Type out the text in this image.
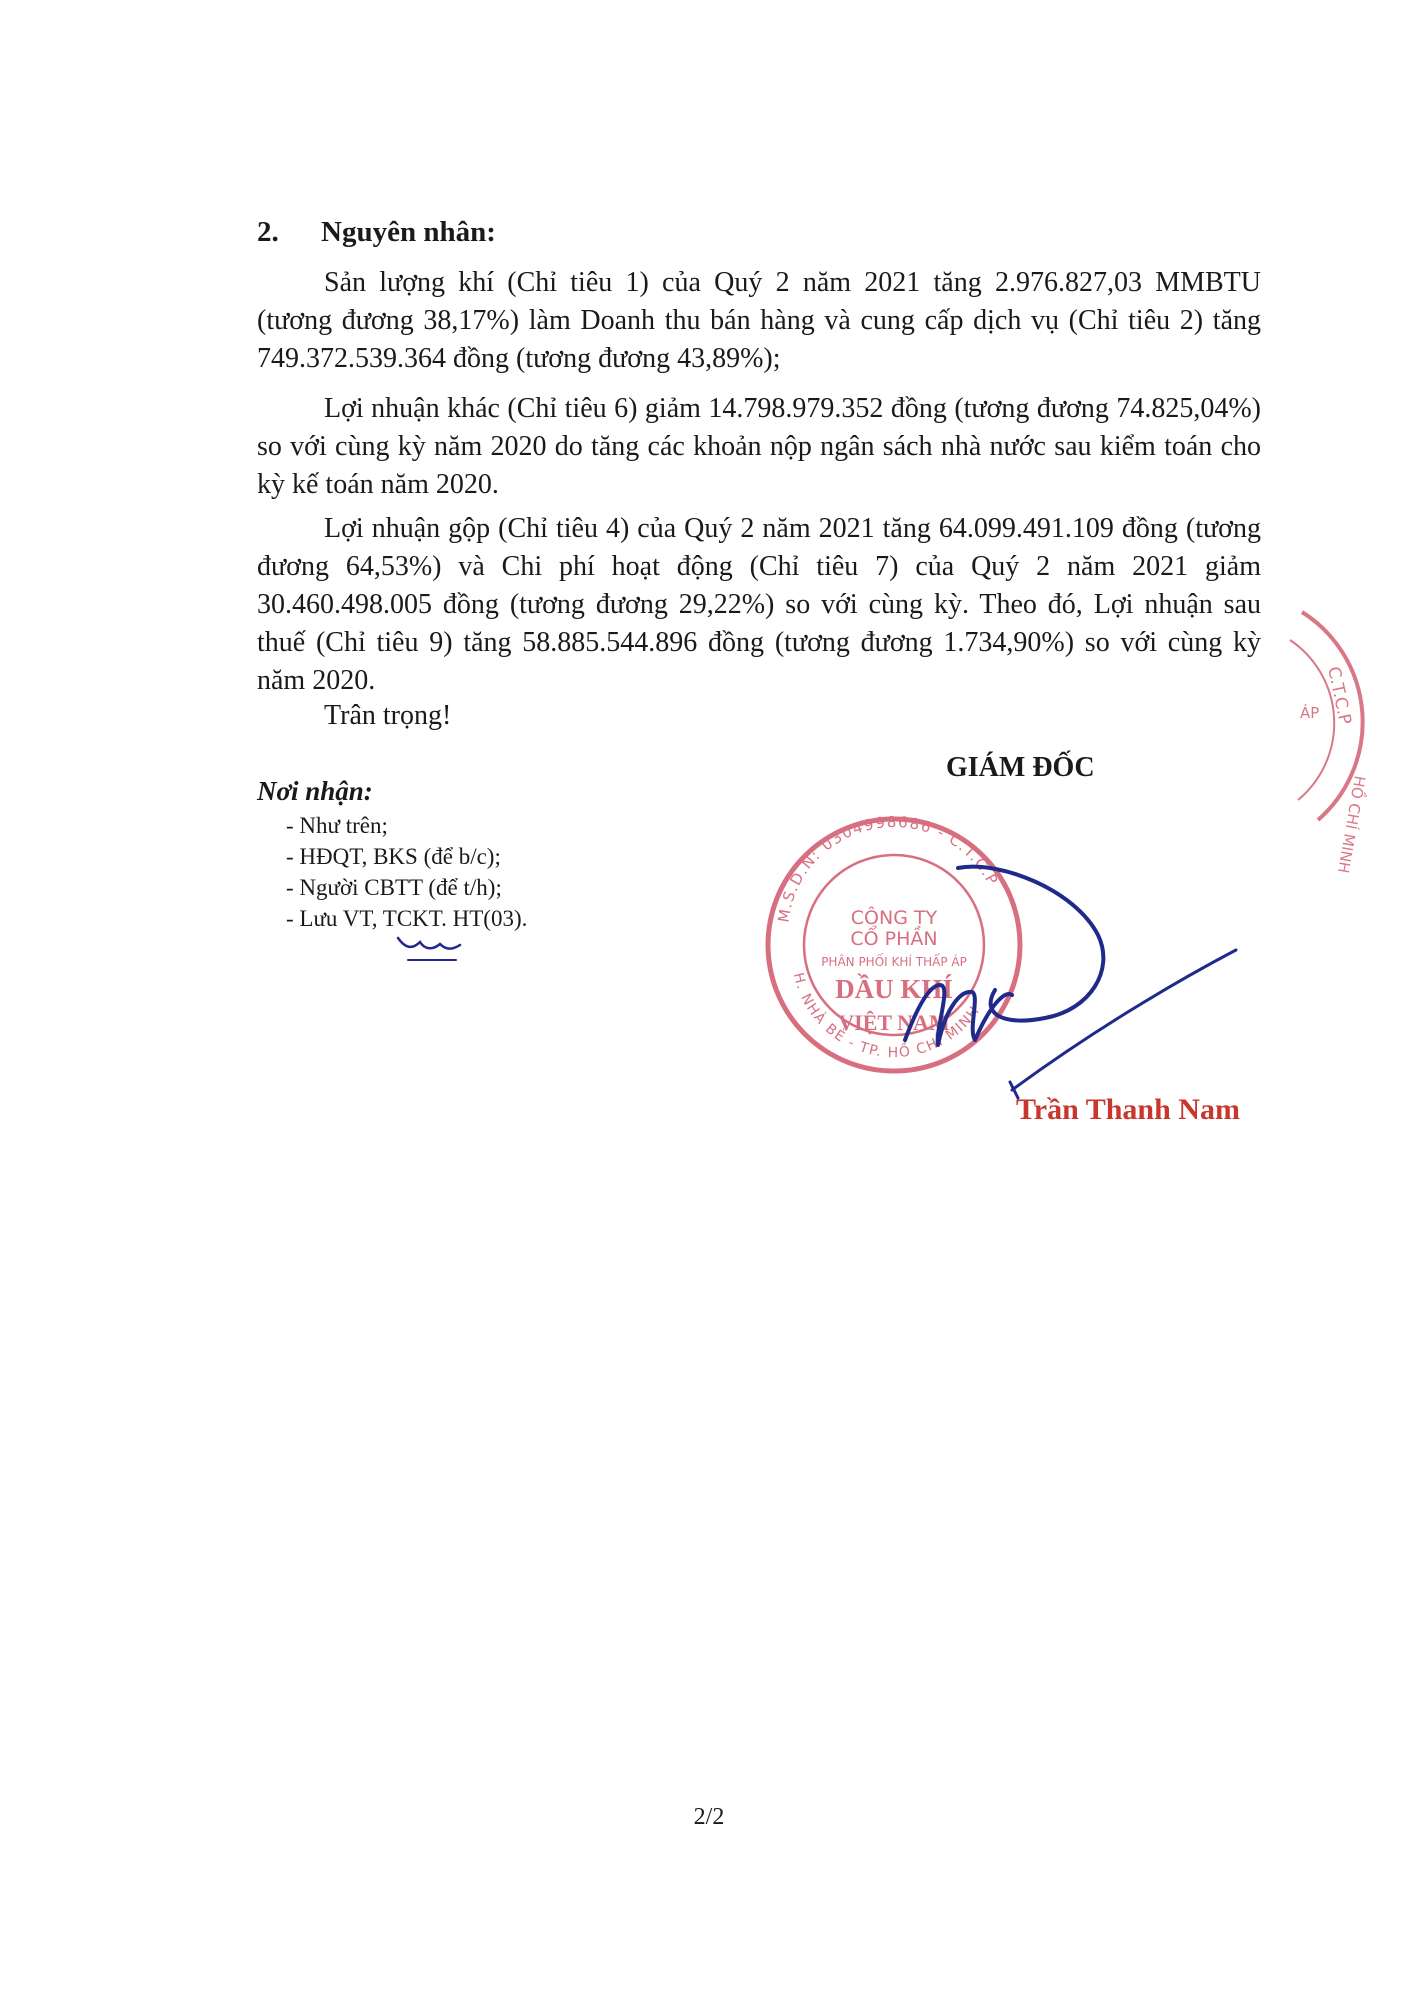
2. Nguyên nhân:
Sản lượng khí (Chỉ tiêu 1) của Quý 2 năm 2021 tăng 2.976.827,03 MMBTU (tương đương 38,17%) làm Doanh thu bán hàng và cung cấp dịch vụ (Chỉ tiêu 2) tăng 749.372.539.364 đồng (tương đương 43,89%);
Lợi nhuận khác (Chỉ tiêu 6) giảm 14.798.979.352 đồng (tương đương 74.825,04%) so với cùng kỳ năm 2020 do tăng các khoản nộp ngân sách nhà nước sau kiểm toán cho kỳ kế toán năm 2020.
Lợi nhuận gộp (Chỉ tiêu 4) của Quý 2 năm 2021 tăng 64.099.491.109 đồng (tương đương 64,53%) và Chi phí hoạt động (Chỉ tiêu 7) của Quý 2 năm 2021 giảm 30.460.498.005 đồng (tương đương 29,22%) so với cùng kỳ. Theo đó, Lợi nhuận sau thuế (Chỉ tiêu 9) tăng 58.885.544.896 đồng (tương đương 1.734,90%) so với cùng kỳ năm 2020.
Trân trọng!
GIÁM ĐỐC
Nơi nhận:
- Như trên;
- HĐQT, BKS (để b/c);
- Người CBTT (để t/h);
- Lưu VT, TCKT. HT(03).	M.S.D.N: 0304998686 - C.T.C.P
H. NHÀ BÈ - TP. HỒ CHÍ MINH
CÔNG TY
CỔ PHẦN
PHÂN PHỐI KHÍ THẤP ÁP
DẦU KHÍ
VIỆT NAM
C.T.C.P
ÁP
HỒ CHÍ MINH
Trần Thanh Nam
2/2
